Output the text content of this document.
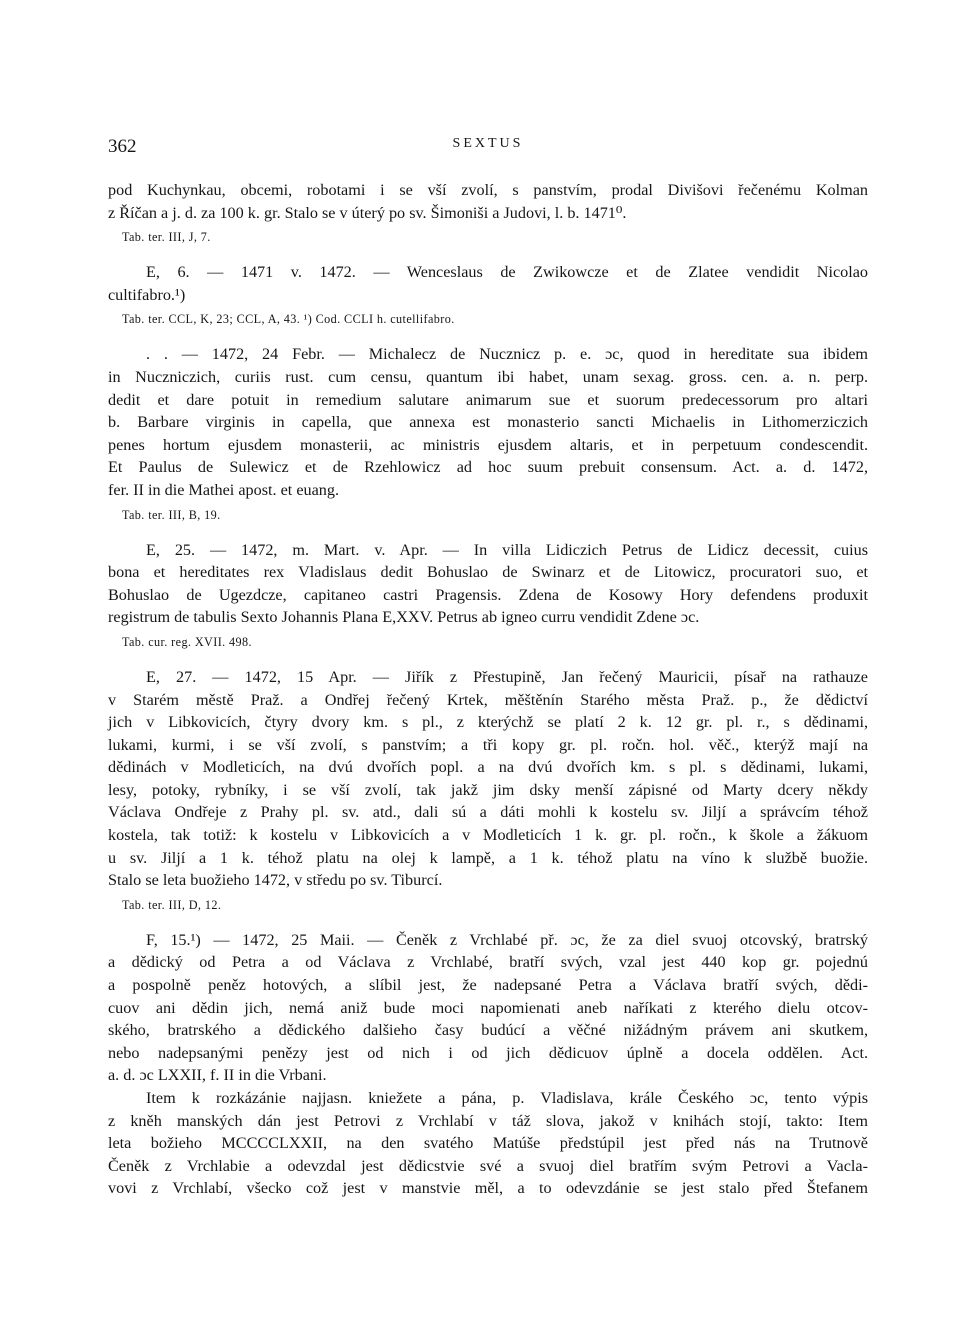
362	SEXTUS
pod Kuchynkau, obcemi, robotami i se vší zvolí, s panstvím, prodal Divišovi řečenému Kolman
z Říčan a j. d. za 100 k. gr. Stalo se v úterý po sv. Šimoniši a Judovi, l. b. 1471⁰.
Tab. ter. III, J, 7.
E, 6. — 1471 v. 1472. — Wenceslaus de Zwikowcze et de Zlatee vendidit Nicolao
cultifabro.¹)
Tab. ter. CCL, K, 23; CCL, A, 43. ¹) Cod. CCLI h. cutellifabro.
. . — 1472, 24 Febr. — Michalecz de Nucznicz p. e. ɔc, quod in hereditate sua ibidem
in Nuczniczich, curiis rust. cum censu, quantum ibi habet, unam sexag. gross. cen. a. n. perp.
dedit et dare potuit in remedium salutare animarum sue et suorum predecessorum pro altari
b. Barbare virginis in capella, que annexa est monasterio sancti Michaelis in Lithomerziczich
penes hortum ejusdem monasterii, ac ministris ejusdem altaris, et in perpetuum condescendit.
Et Paulus de Sulewicz et de Rzehlowicz ad hoc suum prebuit consensum. Act. a. d. 1472,
fer. II in die Mathei apost. et euang.
Tab. ter. III, B, 19.
E, 25. — 1472, m. Mart. v. Apr. — In villa Lidiczich Petrus de Lidicz decessit, cuius
bona et hereditates rex Vladislaus dedit Bohuslao de Swinarz et de Litowicz, procuratori suo, et
Bohuslao de Ugezdcze, capitaneo castri Pragensis. Zdena de Kosowy Hory defendens produxit
registrum de tabulis Sexto Johannis Plana E,XXV. Petrus ab igneo curru vendidit Zdene ɔc.
Tab. cur. reg. XVII. 498.
E, 27. — 1472, 15 Apr. — Jiřík z Přestupině, Jan řečený Mauricii, písař na rathauze
v Starém městě Praž. a Ondřej řečený Krtek, měštěnín Starého města Praž. p., že dědictví
jich v Libkovicích, čtyry dvory km. s pl., z kterýchž se platí 2 k. 12 gr. pl. r., s dědinami,
lukami, kurmi, i se vší zvolí, s panstvím; a tři kopy gr. pl. ročn. hol. věč., kterýž mají na
dědinách v Modleticích, na dvú dvořích popl. a na dvú dvořích km. s pl. s dědinami, lukami,
lesy, potoky, rybníky, i se vší zvolí, tak jakž jim dsky menší zápisné od Marty dcery někdy
Václava Ondřeje z Prahy pl. sv. atd., dali sú a dáti mohli k kostelu sv. Jiljí a správcím téhož
kostela, tak totiž: k kostelu v Libkovicích a v Modleticích 1 k. gr. pl. ročn., k škole a žákuom
u sv. Jiljí a 1 k. téhož platu na olej k lampě, a 1 k. téhož platu na víno k službě buožie.
Stalo se leta buožieho 1472, v středu po sv. Tiburcí.
Tab. ter. III, D, 12.
F, 15.¹) — 1472, 25 Maii. — Čeněk z Vrchlabé př. ɔc, že za diel svuoj otcovský, bratrský
a dědický od Petra a od Václava z Vrchlabé, bratří svých, vzal jest 440 kop gr. pojednú
a pospolně peněz hotových, a slíbil jest, že nadepsané Petra a Václava bratří svých, dědi-
cuov ani dědin jich, nemá aniž bude moci napomienati aneb naříkati z kterého dielu otcov-
ského, bratrského a dědického dalšieho časy budúcí a věčné nižádným právem ani skutkem,
nebo nadepsanými penězy jest od nich i od jich dědicuov úplně a docela oddělen. Act.
a. d. ɔc LXXII, f. II in die Vrbani.
Item k rozkázánie najjasn. kniežete a pána, p. Vladislava, krále Českého ɔc, tento výpis
z kněh manských dán jest Petrovi z Vrchlabí v táž slova, jakož v knihách stojí, takto: Item
leta božieho MCCCCLXXII, na den svatého Matúše předstúpil jest před nás na Trutnově
Čeněk z Vrchlabie a odevzdal jest dědicstvie své a svuoj diel bratřím svým Petrovi a Vacla-
vovi z Vrchlabí, všecko což jest v manstvie měl, a to odevzdánie se jest stalo před Štefanem
